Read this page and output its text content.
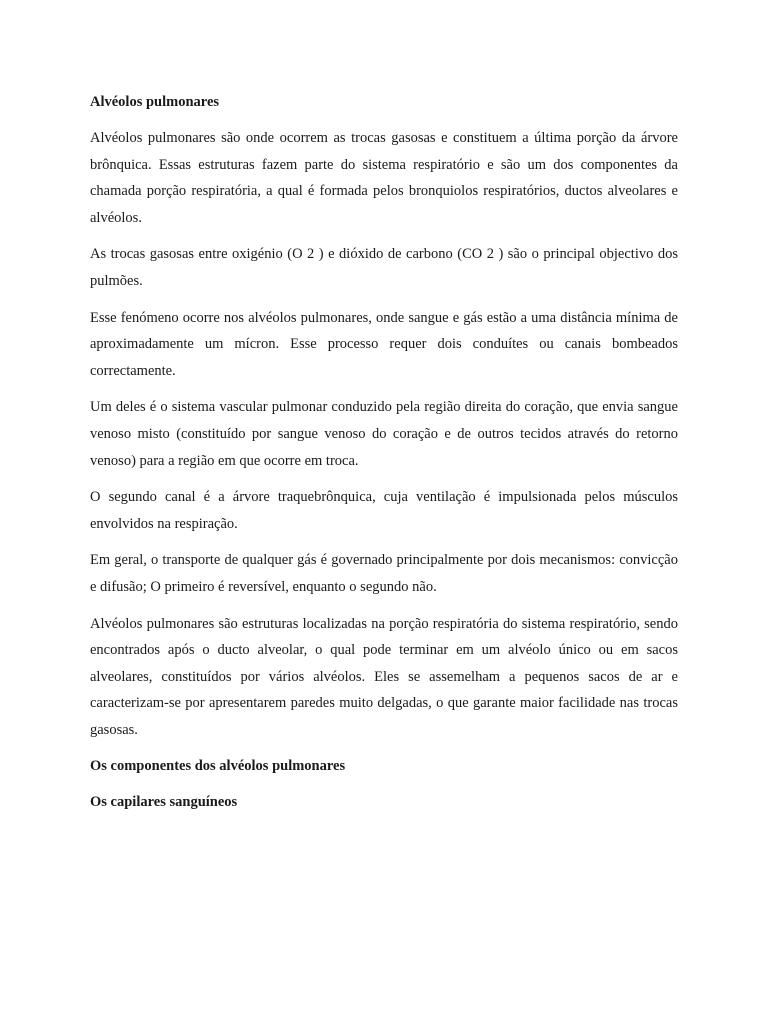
Alvéolos pulmonares

Alvéolos pulmonares são onde ocorrem as trocas gasosas e constituem a última porção da árvore brônquica. Essas estruturas fazem parte do sistema respiratório e são um dos componentes da chamada porção respiratória, a qual é formada pelos bronquiolos respiratórios, ductos alveolares e alvéolos.

As trocas gasosas entre oxigénio (O 2 ) e dióxido de carbono (CO 2 ) são o principal objectivo dos pulmões.

Esse fenómeno ocorre nos alvéolos pulmonares, onde sangue e gás estão a uma distância mínima de aproximadamente um mícron. Esse processo requer dois conduítes ou canais bombeados correctamente.

Um deles é o sistema vascular pulmonar conduzido pela região direita do coração, que envia sangue venoso misto (constituído por sangue venoso do coração e de outros tecidos através do retorno venoso) para a região em que ocorre em troca.

O segundo canal é a árvore traquebrônquica, cuja ventilação é impulsionada pelos músculos envolvidos na respiração.

Em geral, o transporte de qualquer gás é governado principalmente por dois mecanismos: convicção e difusão; O primeiro é reversível, enquanto o segundo não.

Alvéolos pulmonares são estruturas localizadas na porção respiratória do sistema respiratório, sendo encontrados após o ducto alveolar, o qual pode terminar em um alvéolo único ou em sacos alveolares, constituídos por vários alvéolos. Eles se assemelham a pequenos sacos de ar e caracterizam-se por apresentarem paredes muito delgadas, o que garante maior facilidade nas trocas gasosas.

Os componentes dos alvéolos pulmonares
Os capilares sanguíneos
